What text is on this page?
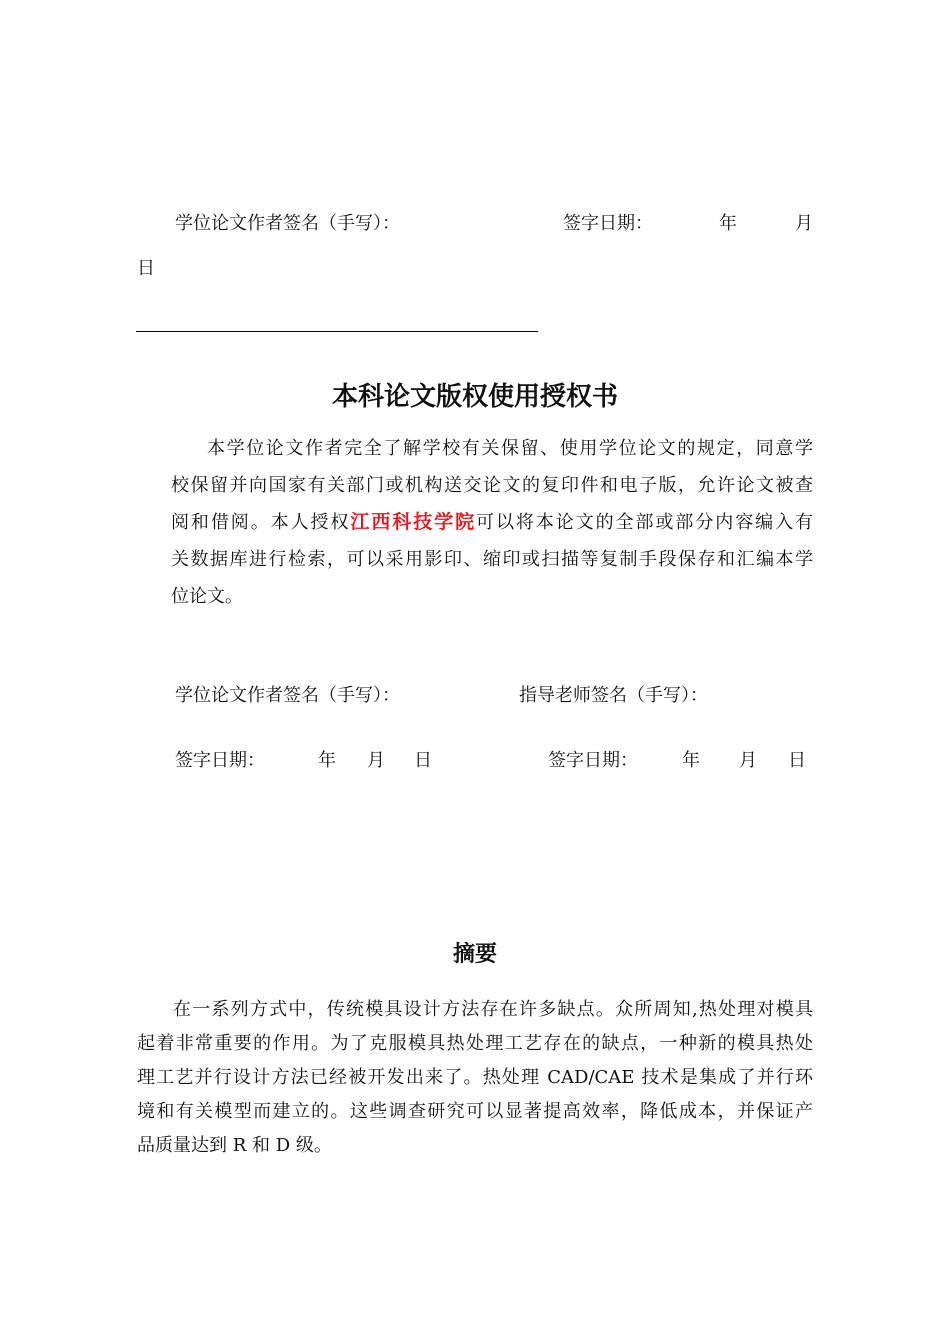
学位论文作者签名（手写）：	签字日期：	年	月
日
本科论文版权使用授权书
本学位论文作者完全了解学校有关保留、使用学位论文的规定，同意学
校保留并向国家有关部门或机构送交论文的复印件和电子版，允许论文被查
阅和借阅。本人授权江西科技学院可以将本论文的全部或部分内容编入有
关数据库进行检索，可以采用影印、缩印或扫描等复制手段保存和汇编本学
位论文。
学位论文作者签名（手写）：	指导老师签名（手写）：
签字日期：	年 月 日	签字日期： 年 月 日
摘要
在一系列方式中，传统模具设计方法存在许多缺点。众所周知,热处理对模具
起着非常重要的作用。为了克服模具热处理工艺存在的缺点，一种新的模具热处
理工艺并行设计方法已经被开发出来了。热处理 CAD/CAE 技术是集成了并行环
境和有关模型而建立的。这些调查研究可以显著提高效率，降低成本，并保证产
品质量达到 R 和 D 级。
